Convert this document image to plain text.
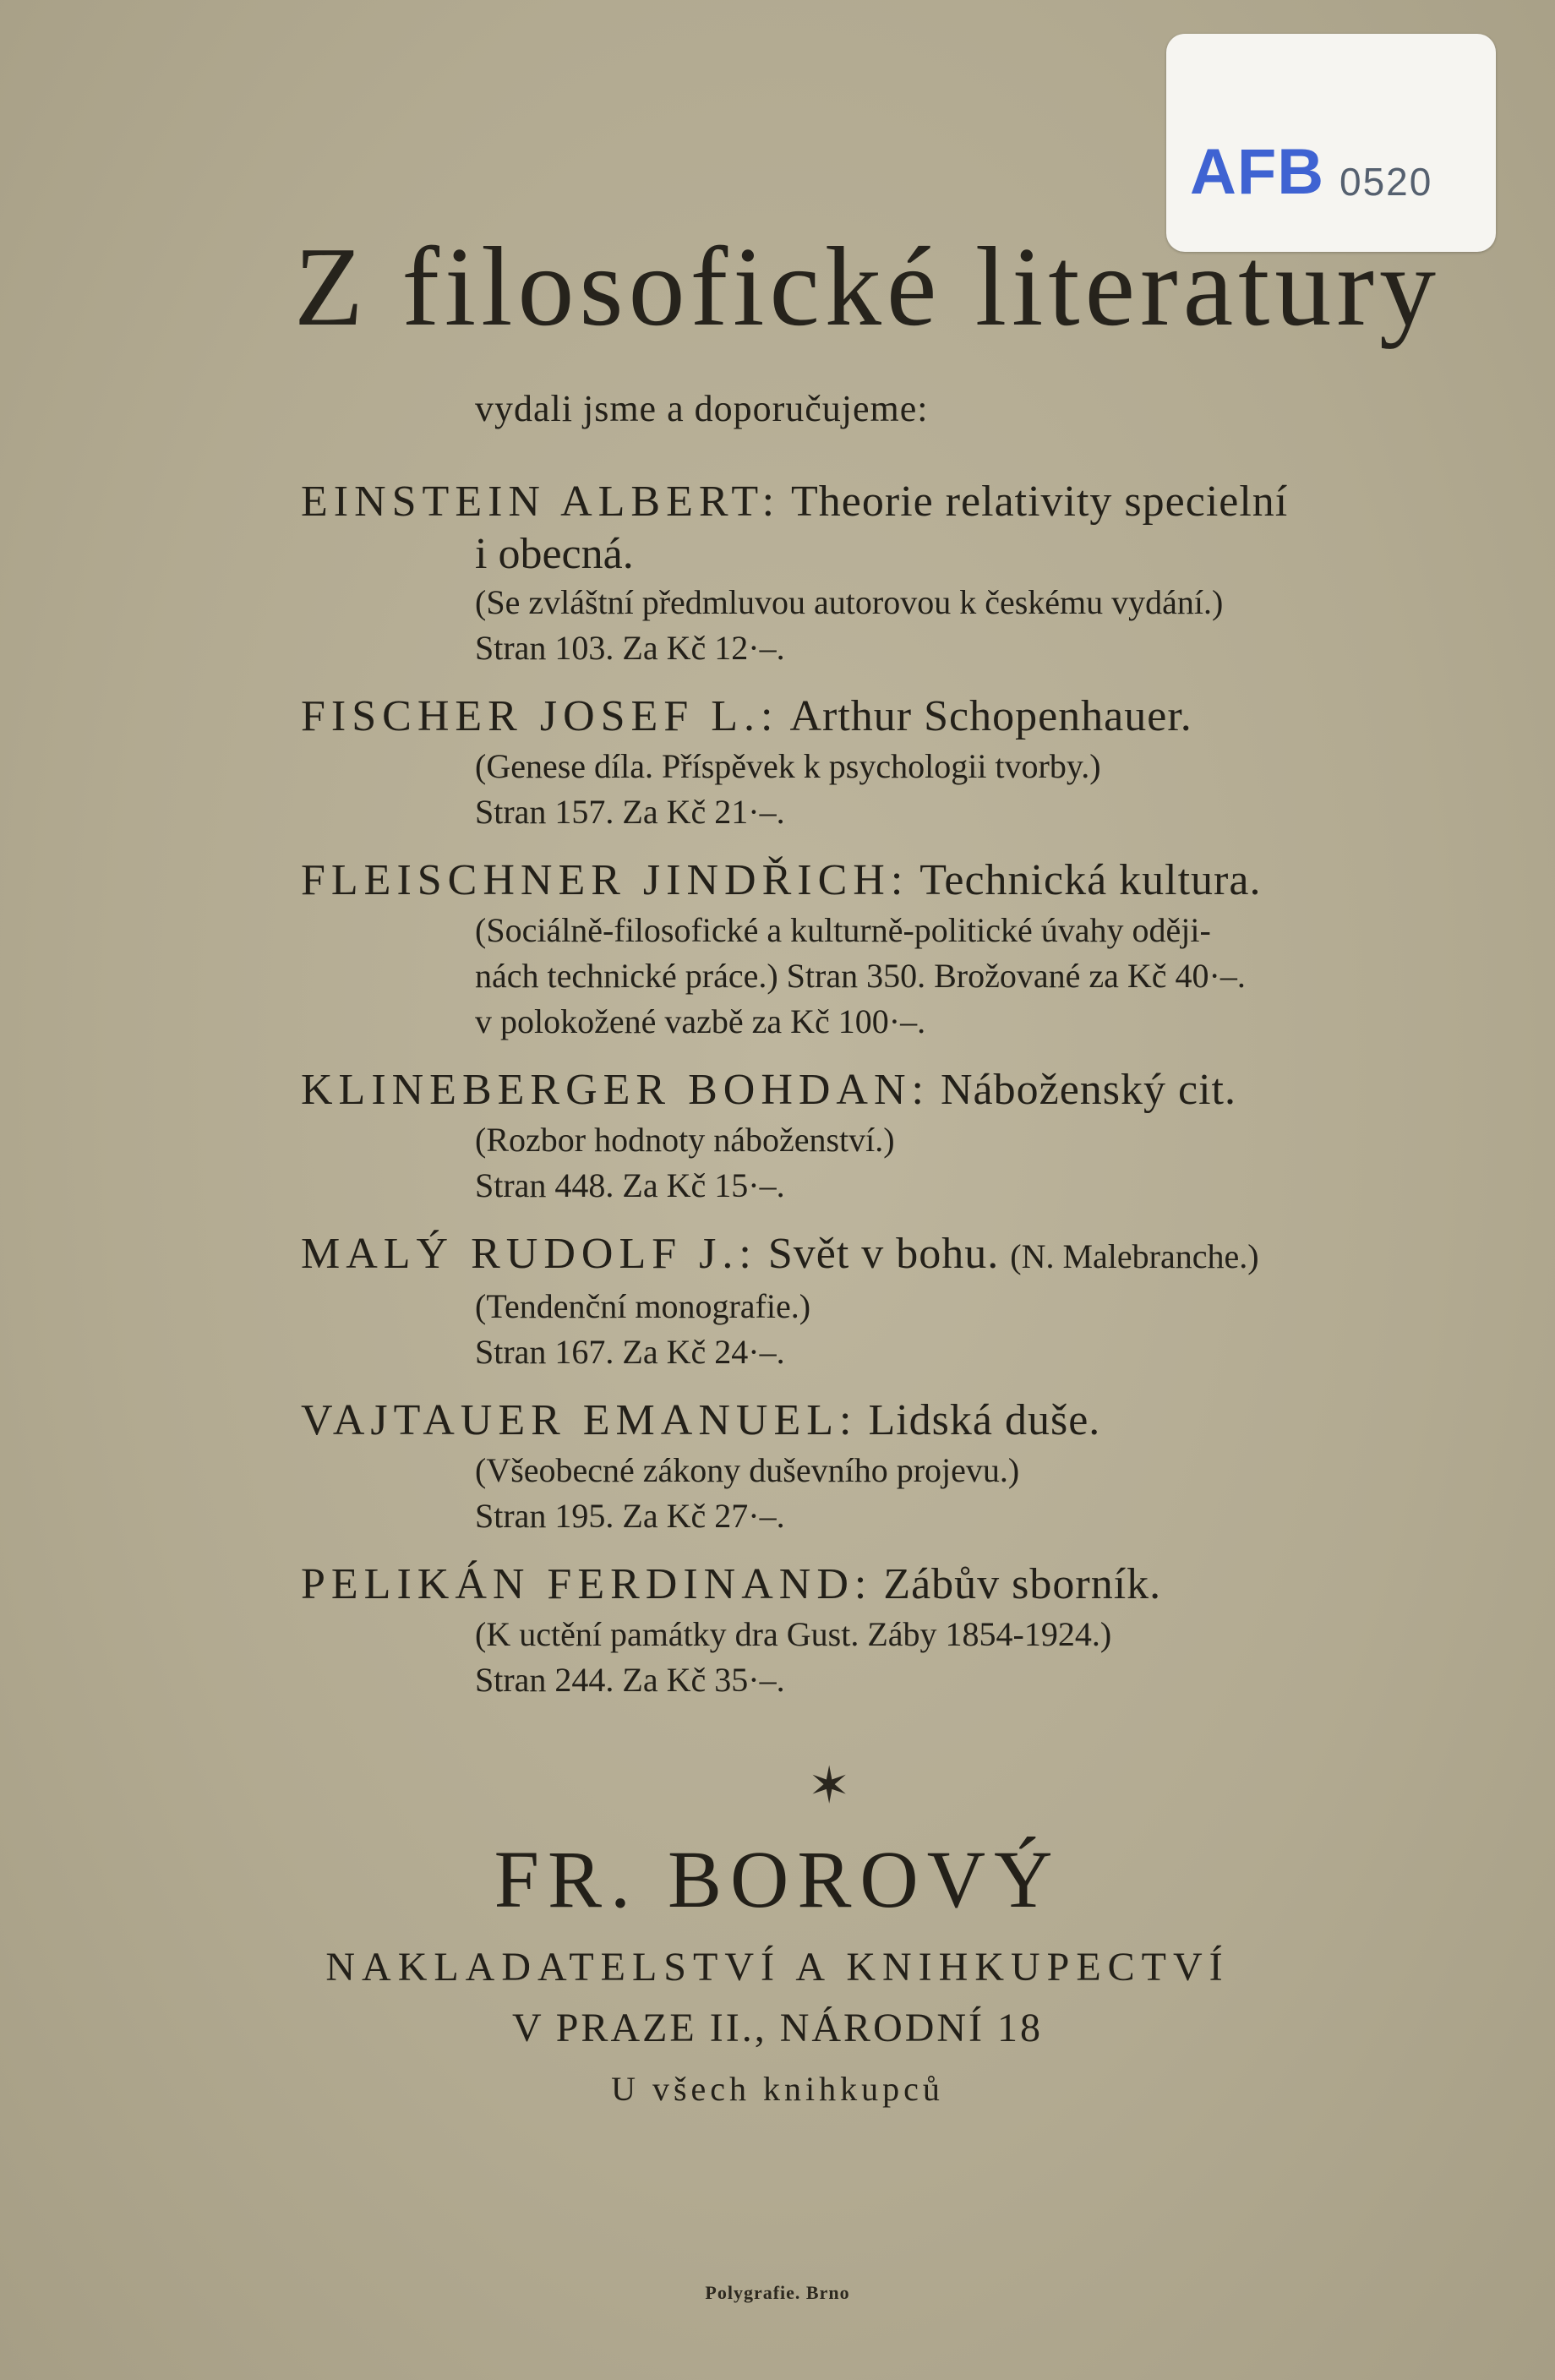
AFB 0520
Z filosofické literatury
vydali jsme a doporučujeme:
EINSTEIN ALBERT: Theorie relativity specielní
i obecná.
(Se zvláštní předmluvou autorovou k českému vydání.)
Stran 103. Za Kč 12·–.
FISCHER JOSEF L.: Arthur Schopenhauer.
(Genese díla. Příspěvek k psychologii tvorby.)
Stran 157. Za Kč 21·–.
FLEISCHNER JINDŘICH: Technická kultura.
(Sociálně-filosofické a kulturně-politické úvahy oději-
nách technické práce.) Stran 350. Brožované za Kč 40·–.
v polokožené vazbě za Kč 100·–.
KLINEBERGER BOHDAN: Náboženský cit.
(Rozbor hodnoty náboženství.)
Stran 448. Za Kč 15·–.
MALÝ RUDOLF J.: Svět v bohu. (N. Malebranche.)
(Tendenční monografie.)
Stran 167. Za Kč 24·–.
VAJTAUER EMANUEL: Lidská duše.
(Všeobecné zákony duševního projevu.)
Stran 195. Za Kč 27·–.
PELIKÁN FERDINAND: Zábův sborník.
(K uctění památky dra Gust. Záby 1854-1924.)
Stran 244. Za Kč 35·–.
✶
FR. BOROVÝ
NAKLADATELSTVÍ A KNIHKUPECTVÍ
V PRAZE II., NÁRODNÍ 18
U všech knihkupců
Polygrafie. Brno
